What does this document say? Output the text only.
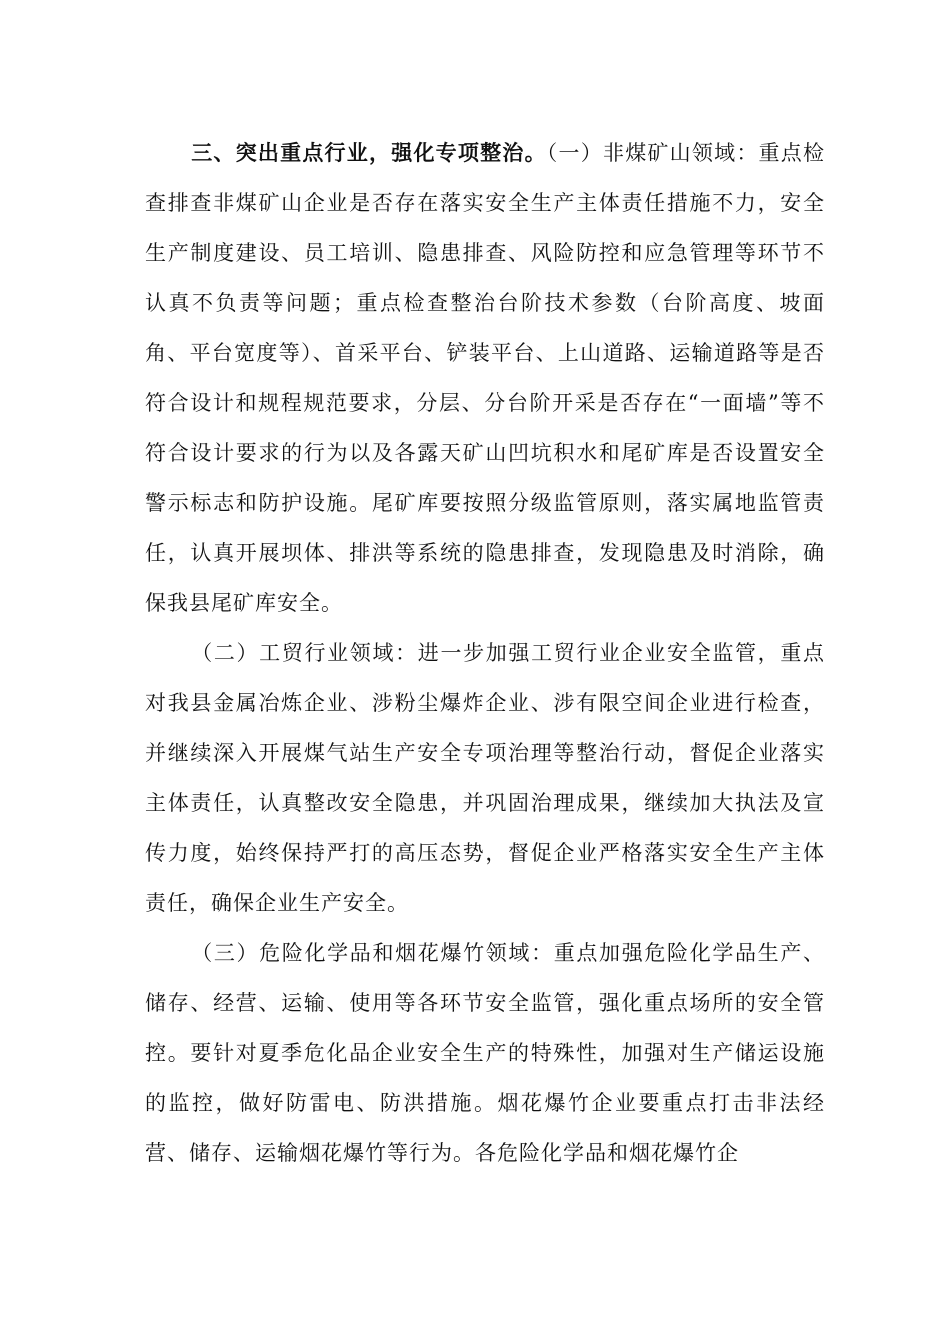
三、突出重点行业，强化专项整治。（一）非煤矿山领域：重点检查排查非煤矿山企业是否存在落实安全生产主体责任措施不力，安全生产制度建设、员工培训、隐患排查、风险防控和应急管理等环节不认真不负责等问题；重点检查整治台阶技术参数（台阶高度、坡面角、平台宽度等）、首采平台、铲装平台、上山道路、运输道路等是否符合设计和规程规范要求，分层、分台阶开采是否存在“一面墙”等不符合设计要求的行为以及各露天矿山凹坑积水和尾矿库是否设置安全警示标志和防护设施。尾矿库要按照分级监管原则，落实属地监管责任，认真开展坝体、排洪等系统的隐患排查，发现隐患及时消除，确保我县尾矿库安全。

（二）工贸行业领域：进一步加强工贸行业企业安全监管，重点对我县金属冶炼企业、涉粉尘爆炸企业、涉有限空间企业进行检查，并继续深入开展煤气站生产安全专项治理等整治行动，督促企业落实主体责任，认真整改安全隐患，并巩固治理成果，继续加大执法及宣传力度，始终保持严打的高压态势，督促企业严格落实安全生产主体责任，确保企业生产安全。

（三）危险化学品和烟花爆竹领域：重点加强危险化学品生产、储存、经营、运输、使用等各环节安全监管，强化重点场所的安全管控。要针对夏季危化品企业安全生产的特殊性，加强对生产储运设施的监控，做好防雷电、防洪措施。烟花爆竹企业要重点打击非法经营、储存、运输烟花爆竹等行为。各危险化学品和烟花爆竹企
